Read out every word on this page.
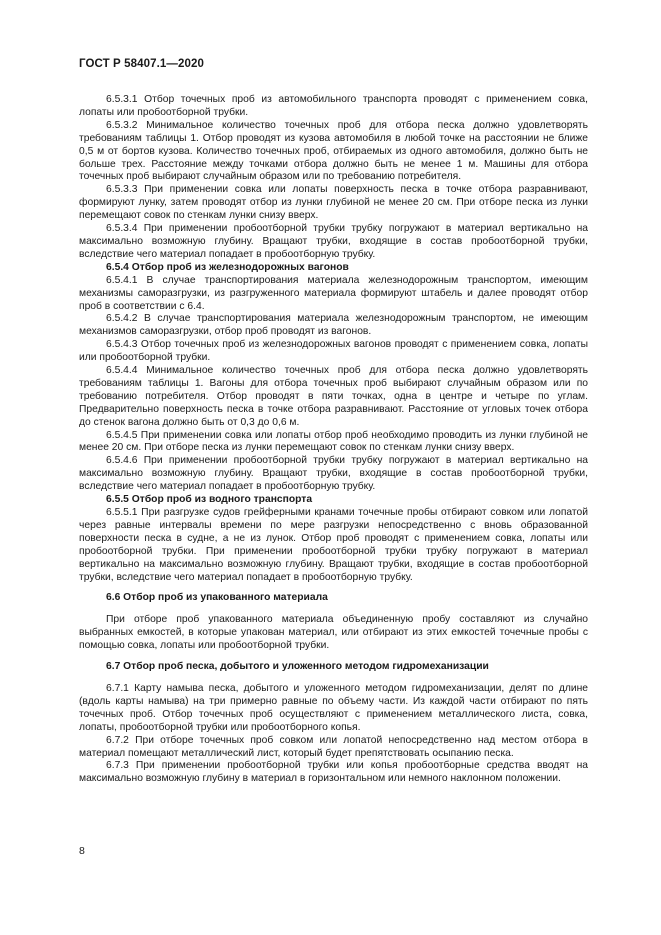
ГОСТ Р 58407.1—2020

6.5.3.1 Отбор точечных проб из автомобильного транспорта проводят с применением совка, лопаты или пробоотборной трубки.

6.5.3.2 Минимальное количество точечных проб для отбора песка должно удовлетворять требованиям таблицы 1. Отбор проводят из кузова автомобиля в любой точке на расстоянии не ближе 0,5 м от бортов кузова. Количество точечных проб, отбираемых из одного автомобиля, должно быть не больше трех. Расстояние между точками отбора должно быть не менее 1 м. Машины для отбора точечных проб выбирают случайным образом или по требованию потребителя.

6.5.3.3 При применении совка или лопаты поверхность песка в точке отбора разравнивают, формируют лунку, затем проводят отбор из лунки глубиной не менее 20 см. При отборе песка из лунки перемещают совок по стенкам лунки снизу вверх.

6.5.3.4 При применении пробоотборной трубки трубку погружают в материал вертикально на максимально возможную глубину. Вращают трубки, входящие в состав пробоотборной трубки, вследствие чего материал попадает в пробоотборную трубку.

6.5.4 Отбор проб из железнодорожных вагонов

6.5.4.1 В случае транспортирования материала железнодорожным транспортом, имеющим механизмы саморазгрузки, из разгруженного материала формируют штабель и далее проводят отбор проб в соответствии с 6.4.

6.5.4.2 В случае транспортирования материала железнодорожным транспортом, не имеющим механизмов саморазгрузки, отбор проб проводят из вагонов.

6.5.4.3 Отбор точечных проб из железнодорожных вагонов проводят с применением совка, лопаты или пробоотборной трубки.

6.5.4.4 Минимальное количество точечных проб для отбора песка должно удовлетворять требованиям таблицы 1. Вагоны для отбора точечных проб выбирают случайным образом или по требованию потребителя. Отбор проводят в пяти точках, одна в центре и четыре по углам. Предварительно поверхность песка в точке отбора разравнивают. Расстояние от угловых точек отбора до стенок вагона должно быть от 0,3 до 0,6 м.

6.5.4.5 При применении совка или лопаты отбор проб необходимо проводить из лунки глубиной не менее 20 см. При отборе песка из лунки перемещают совок по стенкам лунки снизу вверх.

6.5.4.6 При применении пробоотборной трубки трубку погружают в материал вертикально на максимально возможную глубину. Вращают трубки, входящие в состав пробоотборной трубки, вследствие чего материал попадает в пробоотборную трубку.

6.5.5 Отбор проб из водного транспорта

6.5.5.1 При разгрузке судов грейферными кранами точечные пробы отбирают совком или лопатой через равные интервалы времени по мере разгрузки непосредственно с вновь образованной поверхности песка в судне, а не из лунок. Отбор проб проводят с применением совка, лопаты или пробоотборной трубки. При применении пробоотборной трубки трубку погружают в материал вертикально на максимально возможную глубину. Вращают трубки, входящие в состав пробоотборной трубки, вследствие чего материал попадает в пробоотборную трубку.

6.6 Отбор проб из упакованного материала

При отборе проб упакованного материала объединенную пробу составляют из случайно выбранных емкостей, в которые упакован материал, или отбирают из этих емкостей точечные пробы с помощью совка, лопаты или пробоотборной трубки.

6.7 Отбор проб песка, добытого и уложенного методом гидромеханизации

6.7.1 Карту намыва песка, добытого и уложенного методом гидромеханизации, делят по длине (вдоль карты намыва) на три примерно равные по объему части. Из каждой части отбирают по пять точечных проб. Отбор точечных проб осуществляют с применением металлического листа, совка, лопаты, пробоотборной трубки или пробоотборного копья.

6.7.2 При отборе точечных проб совком или лопатой непосредственно над местом отбора в материал помещают металлический лист, который будет препятствовать осыпанию песка.

6.7.3 При применении пробоотборной трубки или копья пробоотборные средства вводят на максимально возможную глубину в материал в горизонтальном или немного наклонном положении.

8
